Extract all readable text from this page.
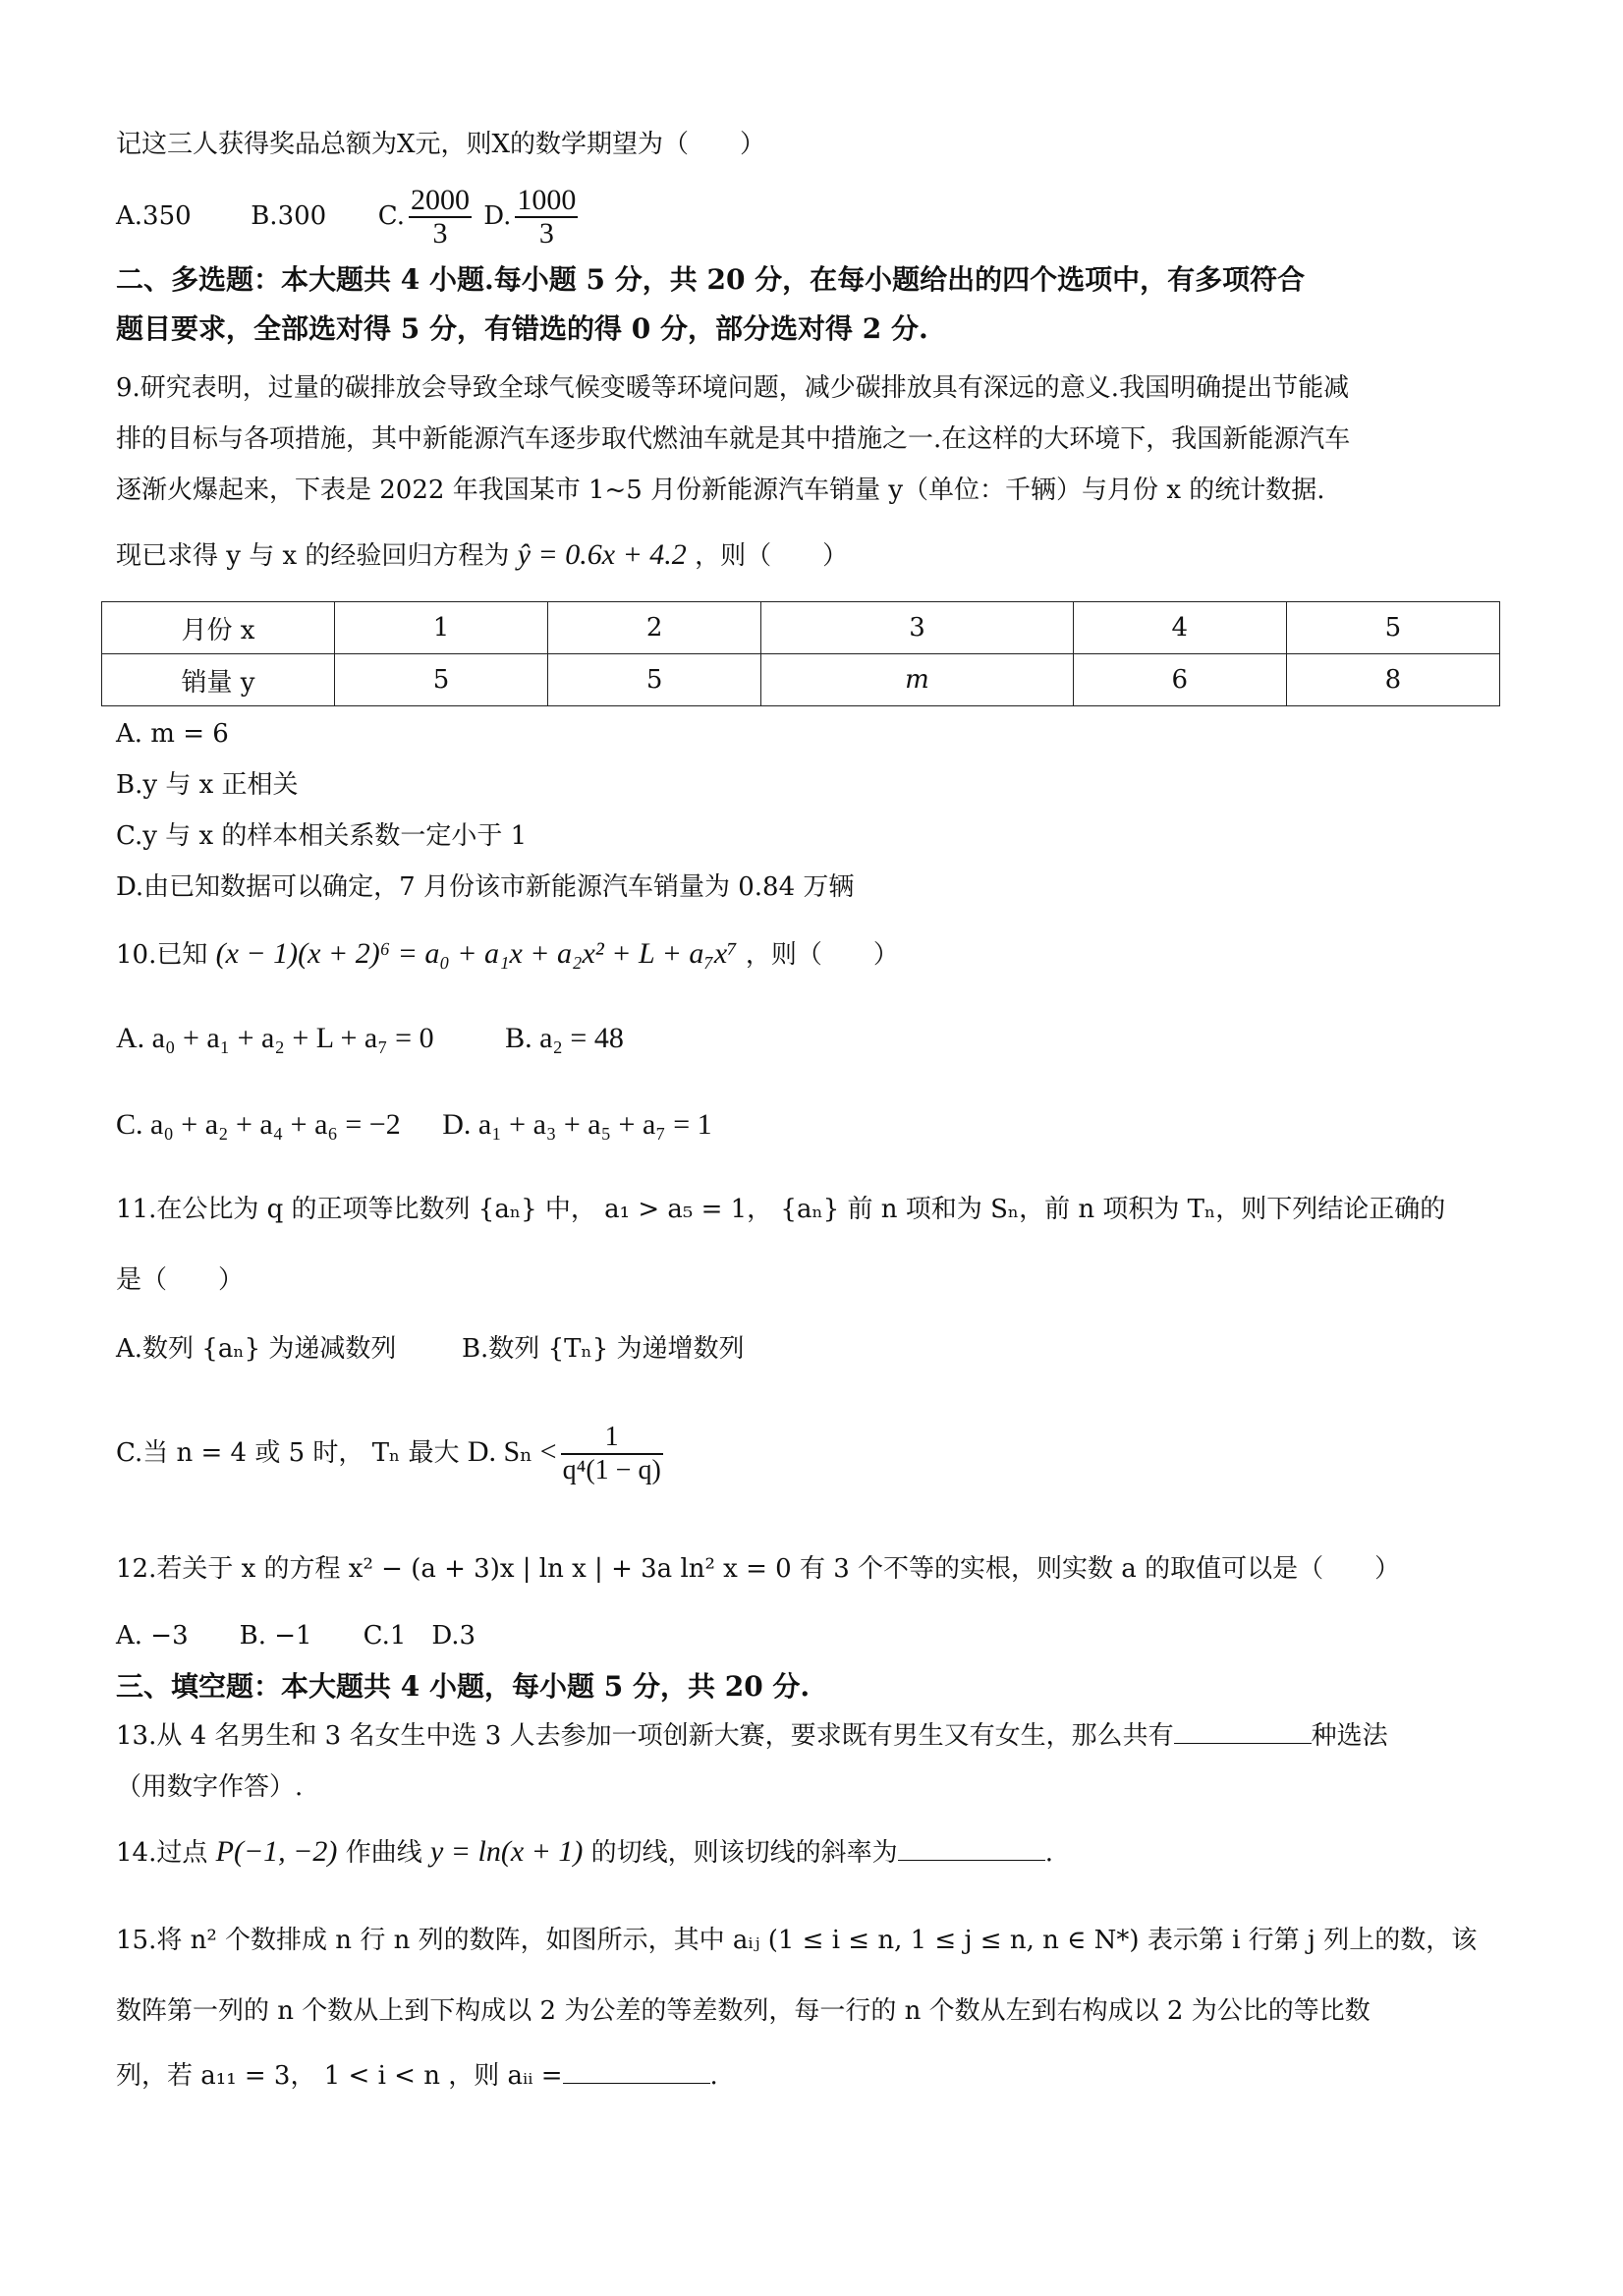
记这三人获得奖品总额为X元，则X的数学期望为（　　）
A.350 B.300 C. $\frac{2000}{3} D$. $\frac{1000}{3}$
二、多选题：本大题共 4 小题.每小题 5 分，共 20 分，在每小题给出的四个选项中，有多项符合
题目要求，全部选对得 5 分，有错选的得 0 分，部分选对得 2 分.
9.研究表明，过量的碳排放会导致全球气候变暖等环境问题，减少碳排放具有深远的意义.我国明确提出节能减
排的目标与各项措施，其中新能源汽车逐步取代燃油车就是其中措施之一.在这样的大环境下，我国新能源汽车
逐渐火爆起来，下表是 2022 年我国某市 1~5 月份新能源汽车销量 y（单位：千辆）与月份 x 的统计数据.
现已求得 y 与 x 的经验回归方程为 ŷ = 0.6x + 4.2 ，则（　　）
月份 x	1	2	3	4	5
销量 y	5	5	m	6	8
A. m = 6
B.y 与 x 正相关
C.y 与 x 的样本相关系数一定小于 1
D.由已知数据可以确定，7 月份该市新能源汽车销量为 0.84 万辆
10.已知 (x − 1)(x + 2)⁶ = a₀ + a₁x + a₂x² + L + a₇x⁷ ，则（　　）
A. a₀ + a₁ + a₂ + L + a₇ = 0 B. a₂ = 48
C. a₀ + a₂ + a₄ + a₆ = −2 D. a₁ + a₃ + a₅ + a₇ = 1
11.在公比为 q 的正项等比数列 {aₙ} 中， a₁ > a₅ = 1， {aₙ} 前 n 项和为 Sₙ，前 n 项积为 Tₙ，则下列结论正确的
是（　　）
A.数列 {aₙ} 为递减数列	B.数列 {Tₙ} 为递增数列
C.当 n = 4 或 5 时， Tₙ 最大 D. $S_n < \frac{1}{\text{q⁴(1 − q)}}$
12.若关于 x 的方程 x² − (a + 3)x | ln x | + 3a ln² x = 0 有 3 个不等的实根，则实数 a 的取值可以是（　　）
A. −3　　B. −1　　C.1　D.3
三、填空题：本大题共 4 小题，每小题 5 分，共 20 分.
13.从 4 名男生和 3 名女生中选 3 人去参加一项创新大赛，要求既有男生又有女生，那么共有	种选法
（用数字作答）.
14.过点 P(−1, −2) 作曲线 y = ln(x + 1) 的切线，则该切线的斜率为	.
15.将 n² 个数排成 n 行 n 列的数阵，如图所示，其中 aᵢⱼ (1 ≤ i ≤ n, 1 ≤ j ≤ n, n ∈ N*) 表示第 i 行第 j 列上的数，该
数阵第一列的 n 个数从上到下构成以 2 为公差的等差数列，每一行的 n 个数从左到右构成以 2 为公比的等比数
列，若 a₁₁ = 3， 1 < i < n ，则 aᵢᵢ =	.
